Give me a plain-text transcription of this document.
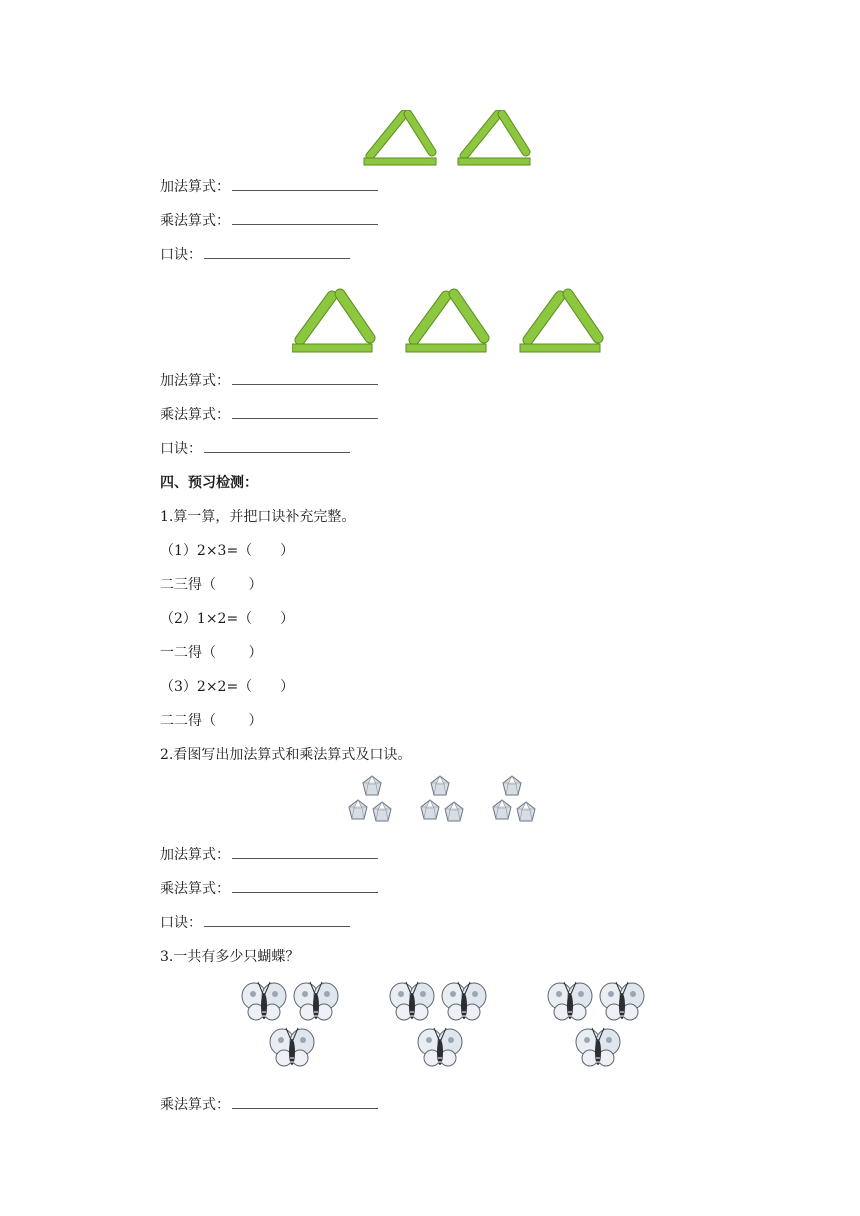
加法算式：
乘法算式：
口诀：
加法算式：
乘法算式：
口诀：
四、预习检测：
1.算一算，并把口诀补充完整。
（1）2×3=（　　）
二三得（　　 ）
（2）1×2=（　　）
一二得（　　 ）
（3）2×2=（　　）
二二得（　　 ）
2.看图写出加法算式和乘法算式及口诀。
加法算式：
乘法算式：
口诀：
3.一共有多少只蝴蝶？
乘法算式：
